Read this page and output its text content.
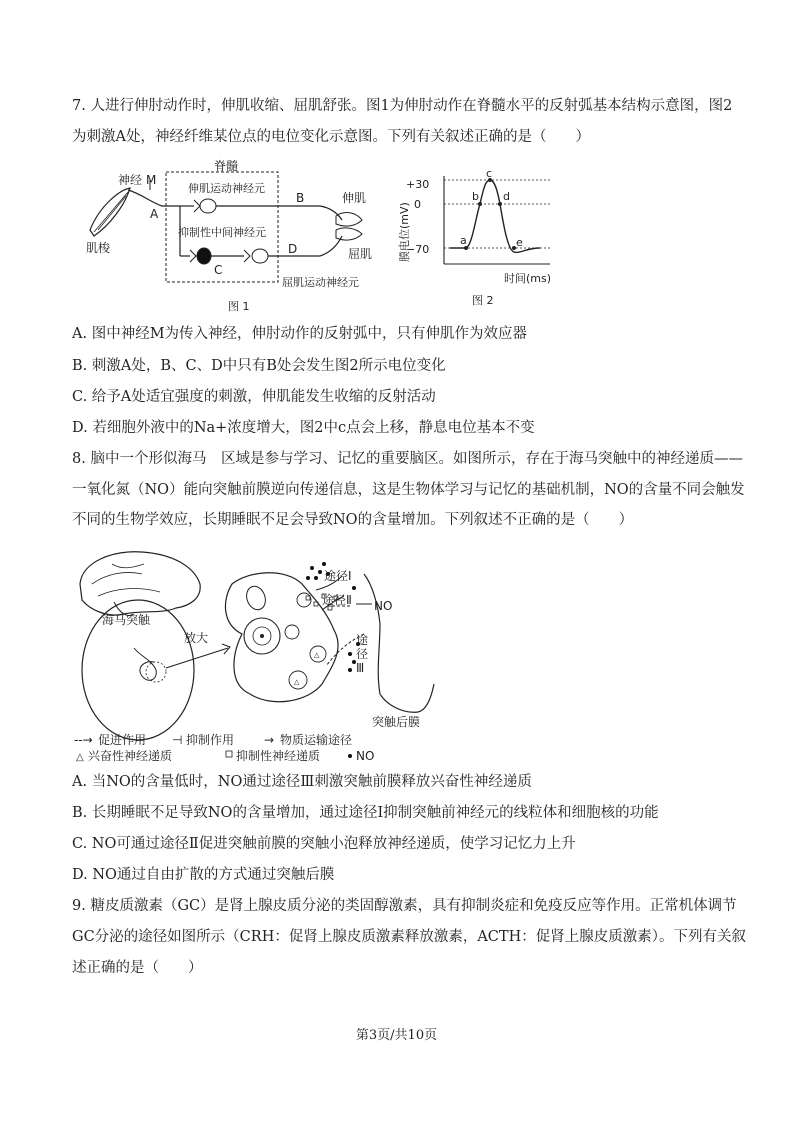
7. 人进行伸肘动作时，伸肌收缩、屈肌舒张。图1为伸肘动作在脊髓水平的反射弧基本结构示意图，图2
为刺激A处，神经纤维某位点的电位变化示意图。下列有关叙述正确的是（　　）
神经 M
A
肌梭
脊髓
伸肌运动神经元
抑制性中间神经元
B
C
D
屈肌运动神经元
伸肌
屈肌
图 1
+30
0
−70
膜电位(mV)	a
b
c
d
e
时间(ms)
图 2
A. 图中神经M为传入神经，伸肘动作的反射弧中，只有伸肌作为效应器
B. 刺激A处，B、C、D中只有B处会发生图2所示电位变化
C. 给予A处适宜强度的刺激，伸肌能发生收缩的反射活动
D. 若细胞外液中的Na+浓度增大，图2中c点会上移，静息电位基本不变
8. 脑中一个形似海马　区域是参与学习、记忆的重要脑区。如图所示，存在于海马突触中的神经递质——
一氧化氮（NO）能向突触前膜逆向传递信息，这是生物体学习与记忆的基础机制，NO的含量不同会触发
不同的生物学效应，长期睡眠不足会导致NO的含量增加。下列叙述不正确的是（　　）
海马突触
放大
△
△
途径Ⅰ
途径Ⅱ NO
途
径
Ⅲ
突触后膜
--→ 促进作用 ⊣ 抑制作用 → 物质运输途径
△ 兴奋性神经递质	抑制性神经递质	NO
A. 当NO的含量低时，NO通过途径Ⅲ刺激突触前膜释放兴奋性神经递质
B. 长期睡眠不足导致NO的含量增加，通过途径Ⅰ抑制突触前神经元的线粒体和细胞核的功能
C. NO可通过途径Ⅱ促进突触前膜的突触小泡释放神经递质，使学习记忆力上升
D. NO通过自由扩散的方式通过突触后膜
9. 糖皮质激素（GC）是肾上腺皮质分泌的类固醇激素，具有抑制炎症和免疫反应等作用。正常机体调节
GC分泌的途径如图所示（CRH：促肾上腺皮质激素释放激素，ACTH：促肾上腺皮质激素）。下列有关叙
述正确的是（　　）
第3页/共10页
